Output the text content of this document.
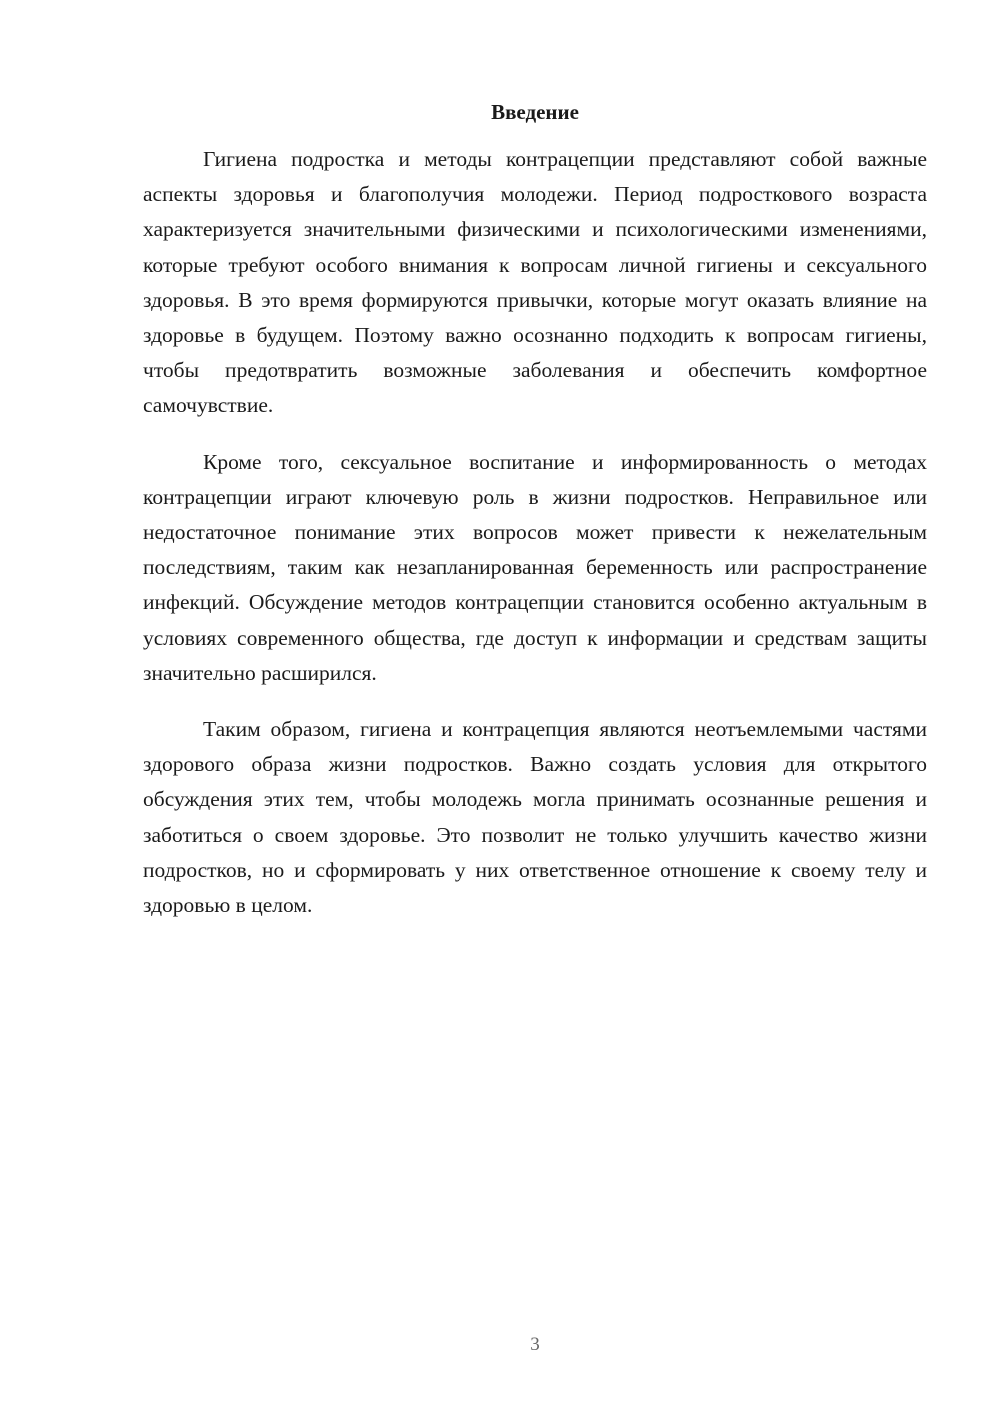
Введение

Гигиена подростка и методы контрацепции представляют собой важные аспекты здоровья и благополучия молодежи. Период подросткового возраста характеризуется значительными физическими и психологическими изменениями, которые требуют особого внимания к вопросам личной гигиены и сексуального здоровья. В это время формируются привычки, которые могут оказать влияние на здоровье в будущем. Поэтому важно осознанно подходить к вопросам гигиены, чтобы предотвратить возможные заболевания и обеспечить комфортное самочувствие.

Кроме того, сексуальное воспитание и информированность о методах контрацепции играют ключевую роль в жизни подростков. Неправильное или недостаточное понимание этих вопросов может привести к нежелательным последствиям, таким как незапланированная беременность или распространение инфекций. Обсуждение методов контрацепции становится особенно актуальным в условиях современного общества, где доступ к информации и средствам защиты значительно расширился.

Таким образом, гигиена и контрацепция являются неотъемлемыми частями здорового образа жизни подростков. Важно создать условия для открытого обсуждения этих тем, чтобы молодежь могла принимать осознанные решения и заботиться о своем здоровье. Это позволит не только улучшить качество жизни подростков, но и сформировать у них ответственное отношение к своему телу и здоровью в целом.

3
